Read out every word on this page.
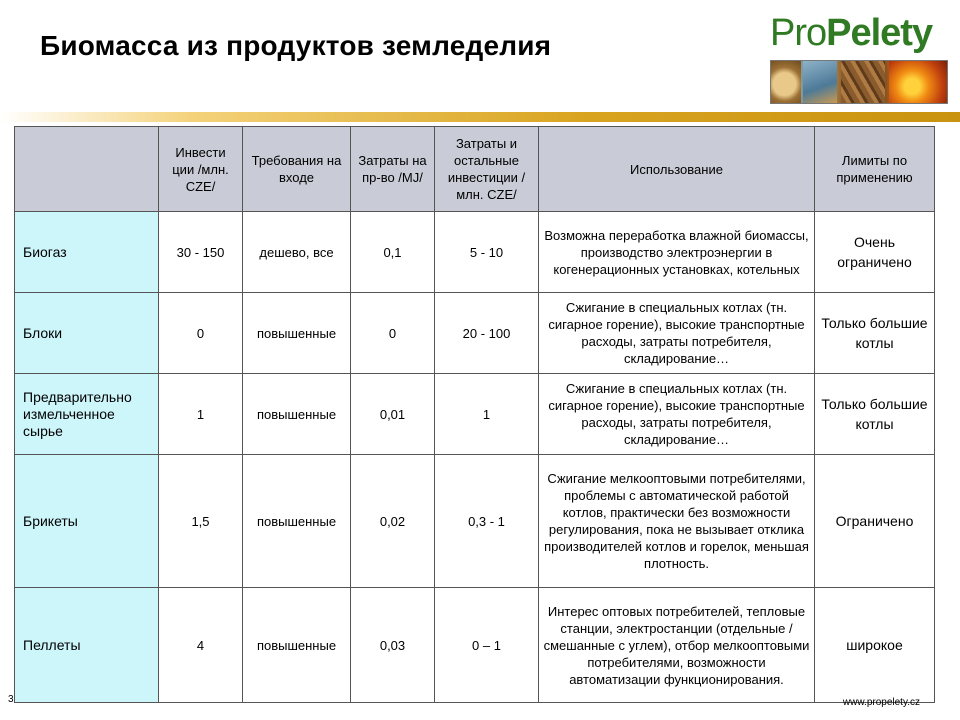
Биомасса из продуктов земледелия	ProPelety
	Инвести ции /млн. CZE/	Требования на входе	Затраты на пр-во /MJ/	Затраты и остальные инвестиции /млн. CZE/	Использование	Лимиты по применению
Биогаз	30 - 150	дешево, все	0,1	5 - 10	Возможна переработка влажной биомассы, производство электроэнергии в когенерационных установках, котельных	Очень ограничено
Блоки	0	повышенные	0	20 - 100	Сжигание в специальных котлах (тн. сигарное горение), высокие транспортные расходы, затраты потребителя, складирование…	Только большие котлы
Предварительно измельченное сырье	1	повышенные	0,01	1	Сжигание в специальных котлах (тн. сигарное горение), высокие транспортные расходы, затраты потребителя, складирование…	Только большие котлы
Брикеты	1,5	повышенные	0,02	0,3 - 1	Сжигание мелкооптовыми потребителями, проблемы с автоматической работой котлов, практически без возможности регулирования, пока не вызывает отклика производителей котлов и горелок, меньшая плотность.	Ограничено
Пеллеты	4	повышенные	0,03	0 – 1	Интерес оптовых потребителей, тепловые станции, электростанции (отдельные / смешанные с углем), отбор мелкооптовыми потребителями, возможности автоматизации функционирования.	широкое
3	www.propelety.cz
